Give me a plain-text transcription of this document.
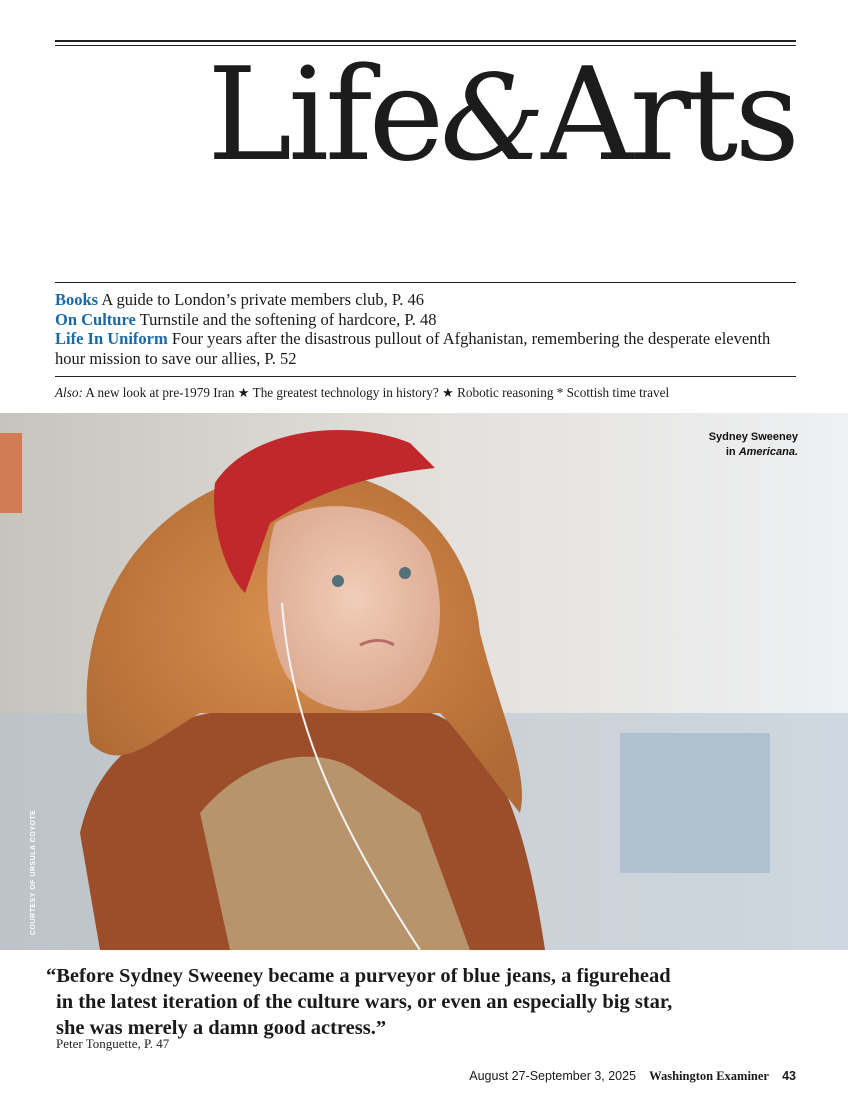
Life&Arts
Books A guide to London’s private members club, P. 46
On Culture Turnstile and the softening of hardcore, P. 48
Life In Uniform Four years after the disastrous pullout of Afghanistan, remembering the desperate eleventh hour mission to save our allies, P. 52
Also: A new look at pre-1979 Iran ★ The greatest technology in history? ★ Robotic reasoning * Scottish time travel
Sydney Sweeney
in Americana.
COURTESY OF URSULA COYOTE
“Before Sydney Sweeney became a purveyor of blue jeans, a figurehead
in the latest iteration of the culture wars, or even an especially big star,
she was merely a damn good actress.”
Peter Tonguette, P. 47
August 27-September 3, 2025 Washington Examiner 43
